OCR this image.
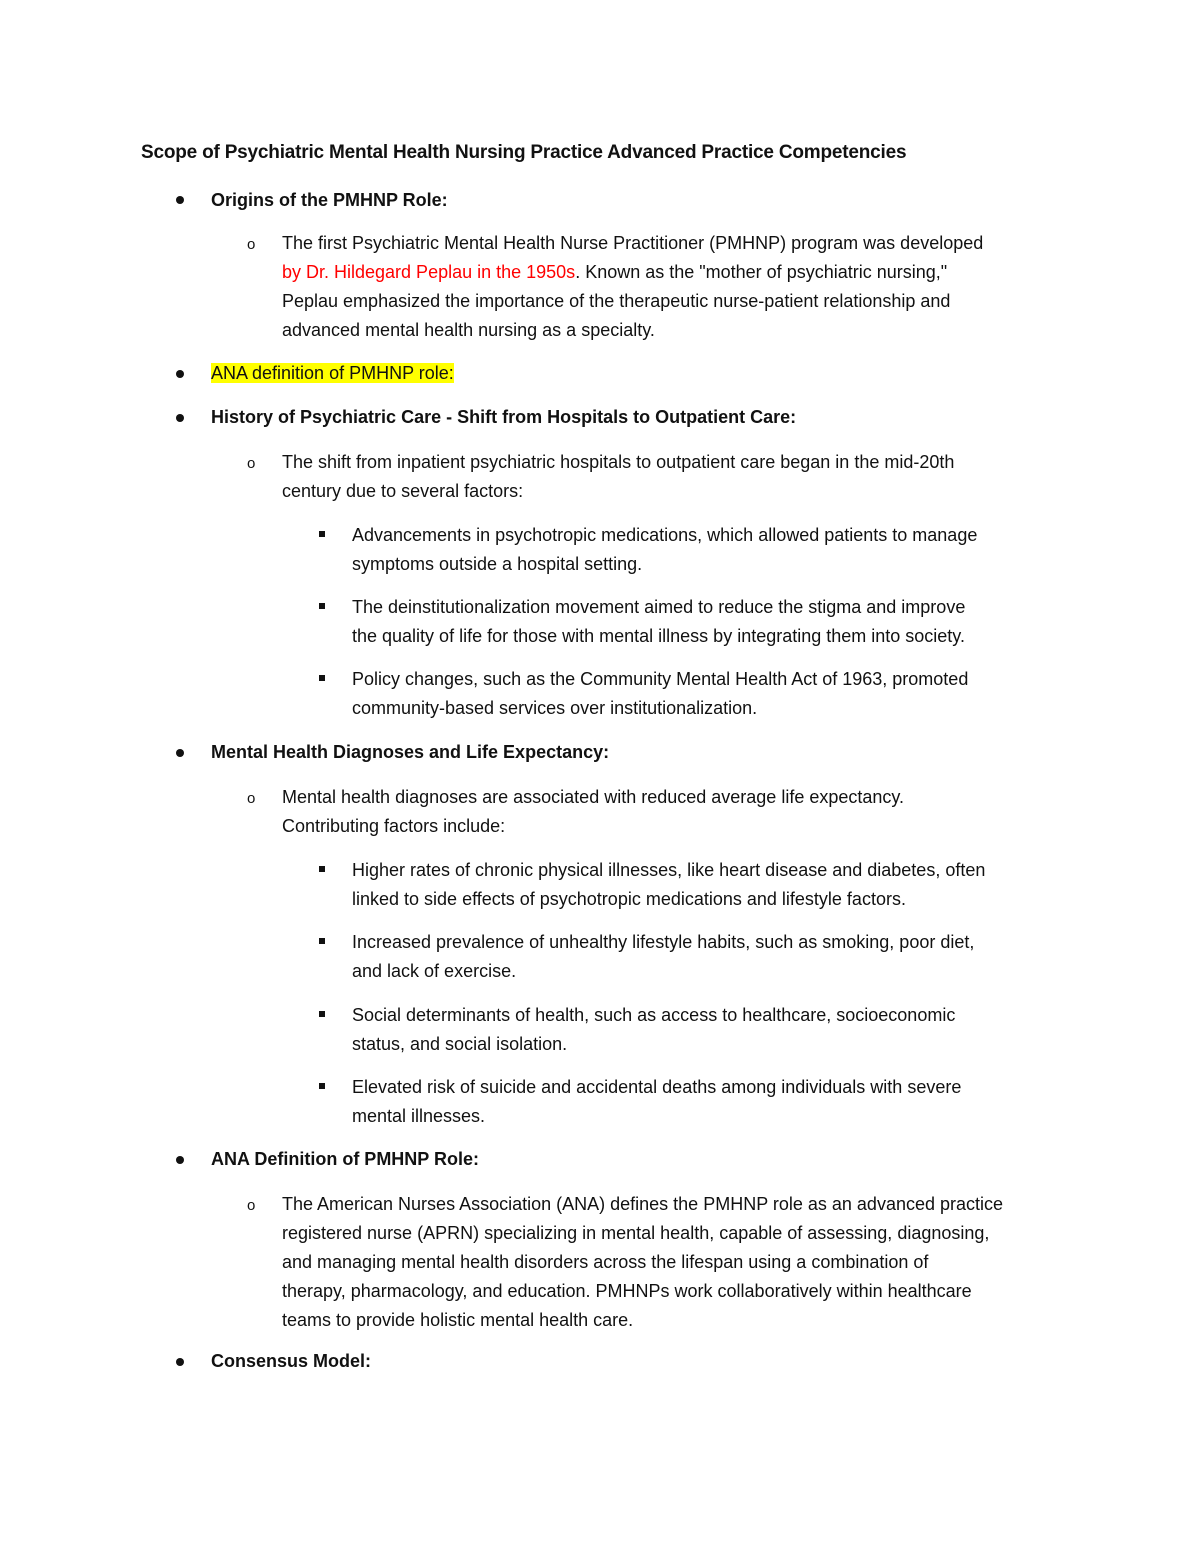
Scope of Psychiatric Mental Health Nursing Practice Advanced Practice Competencies

Origins of the PMHNP Role:

o The first Psychiatric Mental Health Nurse Practitioner (PMHNP) program was developed
by Dr. Hildegard Peplau in the 1950s. Known as the "mother of psychiatric nursing,"
Peplau emphasized the importance of the therapeutic nurse-patient relationship and
advanced mental health nursing as a specialty.

ANA definition of PMHNP role:

History of Psychiatric Care - Shift from Hospitals to Outpatient Care:

o The shift from inpatient psychiatric hospitals to outpatient care began in the mid-20th
century due to several factors:

Advancements in psychotropic medications, which allowed patients to manage
symptoms outside a hospital setting.

The deinstitutionalization movement aimed to reduce the stigma and improve
the quality of life for those with mental illness by integrating them into society.

Policy changes, such as the Community Mental Health Act of 1963, promoted
community-based services over institutionalization.

Mental Health Diagnoses and Life Expectancy:

o Mental health diagnoses are associated with reduced average life expectancy.
Contributing factors include:

Higher rates of chronic physical illnesses, like heart disease and diabetes, often
linked to side effects of psychotropic medications and lifestyle factors.

Increased prevalence of unhealthy lifestyle habits, such as smoking, poor diet,
and lack of exercise.

Social determinants of health, such as access to healthcare, socioeconomic
status, and social isolation.

Elevated risk of suicide and accidental deaths among individuals with severe
mental illnesses.

ANA Definition of PMHNP Role:

o The American Nurses Association (ANA) defines the PMHNP role as an advanced practice
registered nurse (APRN) specializing in mental health, capable of assessing, diagnosing,
and managing mental health disorders across the lifespan using a combination of
therapy, pharmacology, and education. PMHNPs work collaboratively within healthcare
teams to provide holistic mental health care.

Consensus Model:
